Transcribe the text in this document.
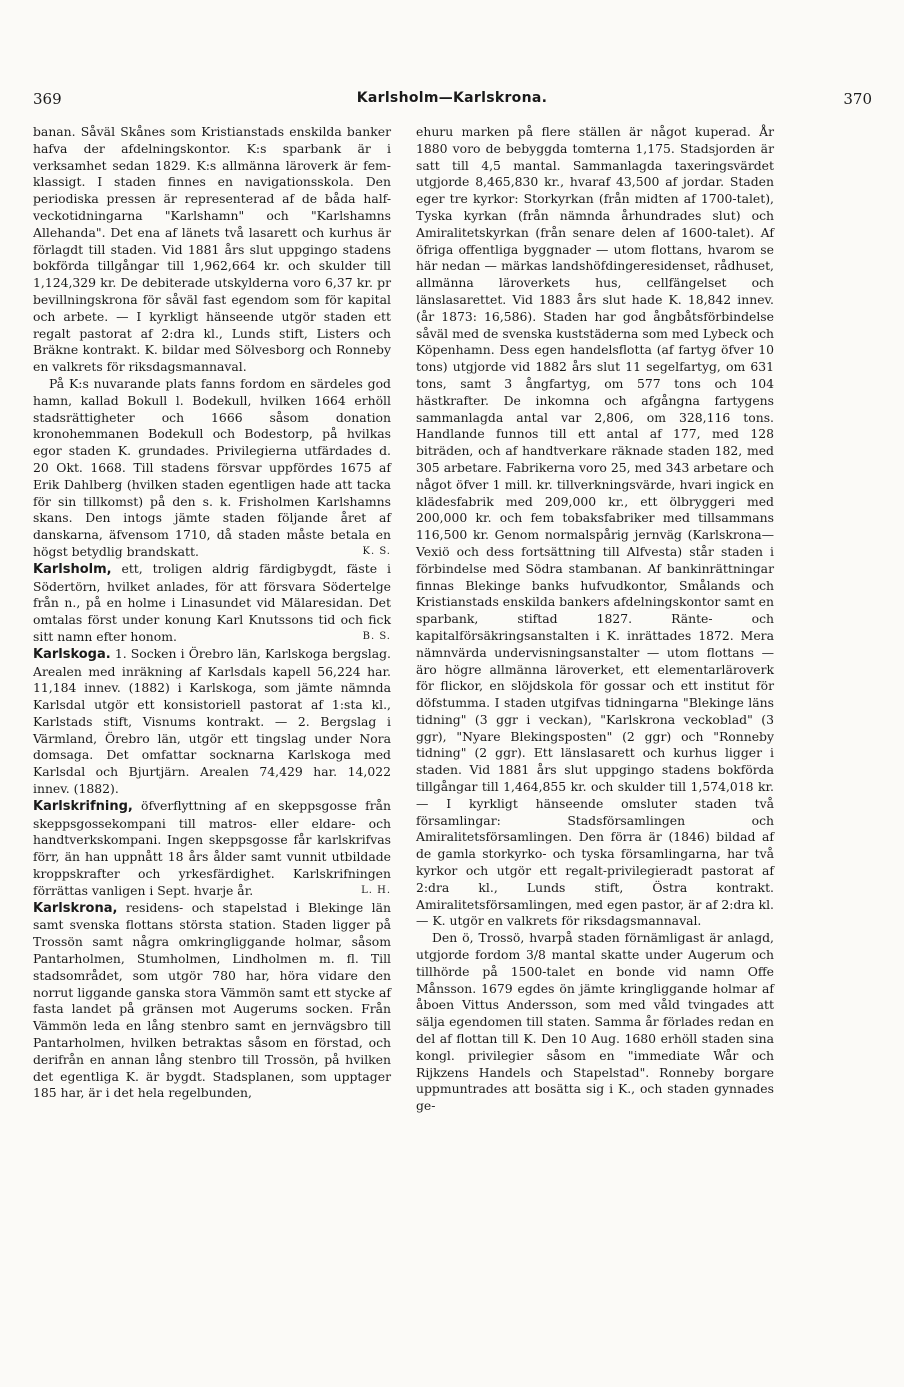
369	Karlsholm—Karlskrona.	370

banan. Såväl Skånes som Kristianstads enskilda banker hafva der afdelningskontor. K:s sparbank är i verksamhet sedan 1829. K:s allmänna läroverk är fem-klassigt. I staden finnes en navigationsskola. Den periodiska pressen är representerad af de båda half-veckotidningarna "Karlshamn" och "Karlshamns Allehanda". Det ena af länets två lasarett och kurhus är förlagdt till staden. Vid 1881 års slut uppgingo stadens bokförda tillgångar till 1,962,664 kr. och skulder till 1,124,329 kr. De debiterade utskylderna voro 6,37 kr. pr bevillningskrona för såväl fast egendom som för kapital och arbete. — I kyrkligt hänseende utgör staden ett regalt pastorat af 2:dra kl., Lunds stift, Listers och Bräkne kontrakt. K. bildar med Sölvesborg och Ronneby en valkrets för riksdagsmannaval.

På K:s nuvarande plats fanns fordom en särdeles god hamn, kallad Bokull l. Bodekull, hvilken 1664 erhöll stadsrättigheter och 1666 såsom donation kronohemmanen Bodekull och Bodestorp, på hvilkas egor staden K. grundades. Privilegierna utfärdades d. 20 Okt. 1668. Till stadens försvar uppfördes 1675 af Erik Dahlberg (hvilken staden egentligen hade att tacka för sin tillkomst) på den s. k. Frisholmen Karlshamns skans. Den intogs jämte staden följande året af danskarna, äfvensom 1710, då staden måste betala en högst betydlig brandskatt.	K. S.

Karlsholm, ett, troligen aldrig färdigbygdt, fäste i Södertörn, hvilket anlades, för att försvara Södertelge från n., på en holme i Linasundet vid Mälaresidan. Det omtalas först under konung Karl Knutssons tid och fick sitt namn efter honom.	B. S.

Karlskoga. 1. Socken i Örebro län, Karlskoga bergslag. Arealen med inräkning af Karlsdals kapell 56,224 har. 11,184 innev. (1882) i Karlskoga, som jämte nämnda Karlsdal utgör ett konsistoriell pastorat af 1:sta kl., Karlstads stift, Visnums kontrakt. — 2. Bergslag i Värmland, Örebro län, utgör ett tingslag under Nora domsaga. Det omfattar socknarna Karlskoga med Karlsdal och Bjurtjärn. Arealen 74,429 har. 14,022 innev. (1882).

Karlskrifning, öfverflyttning af en skeppsgosse från skeppsgossekompani till matros- eller eldare- och handtverkskompani. Ingen skeppsgosse får karlskrifvas förr, än han uppnått 18 års ålder samt vunnit utbildade kroppskrafter och yrkesfärdighet. Karlskrifningen förrättas vanligen i Sept. hvarje år.	L. H.

Karlskrona, residens- och stapelstad i Blekinge län samt svenska flottans största station. Staden ligger på Trossön samt några omkringliggande holmar, såsom Pantarholmen, Stumholmen, Lindholmen m. fl. Till stadsområdet, som utgör 780 har, höra vidare den norrut liggande ganska stora Vämmön samt ett stycke af fasta landet på gränsen mot Augerums socken. Från Vämmön leda en lång stenbro samt en jernvägsbro till Pantarholmen, hvilken betraktas såsom en förstad, och derifrån en annan lång stenbro till Trossön, på hvilken det egentliga K. är bygdt. Stadsplanen, som upptager 185 har, är i det hela regelbunden,

ehuru marken på flere ställen är något kuperad. År 1880 voro de bebyggda tomterna 1,175. Stadsjorden är satt till 4,5 mantal. Sammanlagda taxeringsvärdet utgjorde 8,465,830 kr., hvaraf 43,500 af jordar. Staden eger tre kyrkor: Storkyrkan (från midten af 1700-talet), Tyska kyrkan (från nämnda århundrades slut) och Amiralitetskyrkan (från senare delen af 1600-talet). Af öfriga offentliga byggnader — utom flottans, hvarom se här nedan — märkas landshöfdingeresidenset, rådhuset, allmänna läroverkets hus, cellfängelset och länslasarettet. Vid 1883 års slut hade K. 18,842 innev. (år 1873: 16,586). Staden har god ångbåtsförbindelse såväl med de svenska kuststäderna som med Lybeck och Köpenhamn. Dess egen handelsflotta (af fartyg öfver 10 tons) utgjorde vid 1882 års slut 11 segelfartyg, om 631 tons, samt 3 ångfartyg, om 577 tons och 104 hästkrafter. De inkomna och afgångna fartygens sammanlagda antal var 2,806, om 328,116 tons. Handlande funnos till ett antal af 177, med 128 biträden, och af handtverkare räknade staden 182, med 305 arbetare. Fabrikerna voro 25, med 343 arbetare och något öfver 1 mill. kr. tillverkningsvärde, hvari ingick en klädesfabrik med 209,000 kr., ett ölbryggeri med 200,000 kr. och fem tobaksfabriker med tillsammans 116,500 kr. Genom normalspårig jernväg (Karlskrona—Vexiö och dess fortsättning till Alfvesta) står staden i förbindelse med Södra stambanan. Af bankinrättningar finnas Blekinge banks hufvudkontor, Smålands och Kristianstads enskilda bankers afdelningskontor samt en sparbank, stiftad 1827. Ränte- och kapitalförsäkringsanstalten i K. inrättades 1872. Mera nämnvärda undervisningsanstalter — utom flottans — äro högre allmänna läroverket, ett elementarläroverk för flickor, en slöjdskola för gossar och ett institut för döfstumma. I staden utgifvas tidningarna "Blekinge läns tidning" (3 ggr i veckan), "Karlskrona veckoblad" (3 ggr), "Nyare Blekingsposten" (2 ggr) och "Ronneby tidning" (2 ggr). Ett länslasarett och kurhus ligger i staden. Vid 1881 års slut uppgingo stadens bokförda tillgångar till 1,464,855 kr. och skulder till 1,574,018 kr. — I kyrkligt hänseende omsluter staden två församlingar: Stadsförsamlingen och Amiralitetsförsamlingen. Den förra är (1846) bildad af de gamla storkyrko- och tyska församlingarna, har två kyrkor och utgör ett regalt-privilegieradt pastorat af 2:dra kl., Lunds stift, Östra kontrakt. Amiralitetsförsamlingen, med egen pastor, är af 2:dra kl. — K. utgör en valkrets för riksdagsmannaval.

Den ö, Trossö, hvarpå staden förnämligast är anlagd, utgjorde fordom 3/8 mantal skatte under Augerum och tillhörde på 1500-talet en bonde vid namn Offe Månsson. 1679 egdes ön jämte kringliggande holmar af åboen Vittus Andersson, som med våld tvingades att sälja egendomen till staten. Samma år förlades redan en del af flottan till K. Den 10 Aug. 1680 erhöll staden sina kongl. privilegier såsom en "immediate Wår och Rijkzens Handels och Stapelstad". Ronneby borgare uppmuntrades att bosätta sig i K., och staden gynnades ge-
